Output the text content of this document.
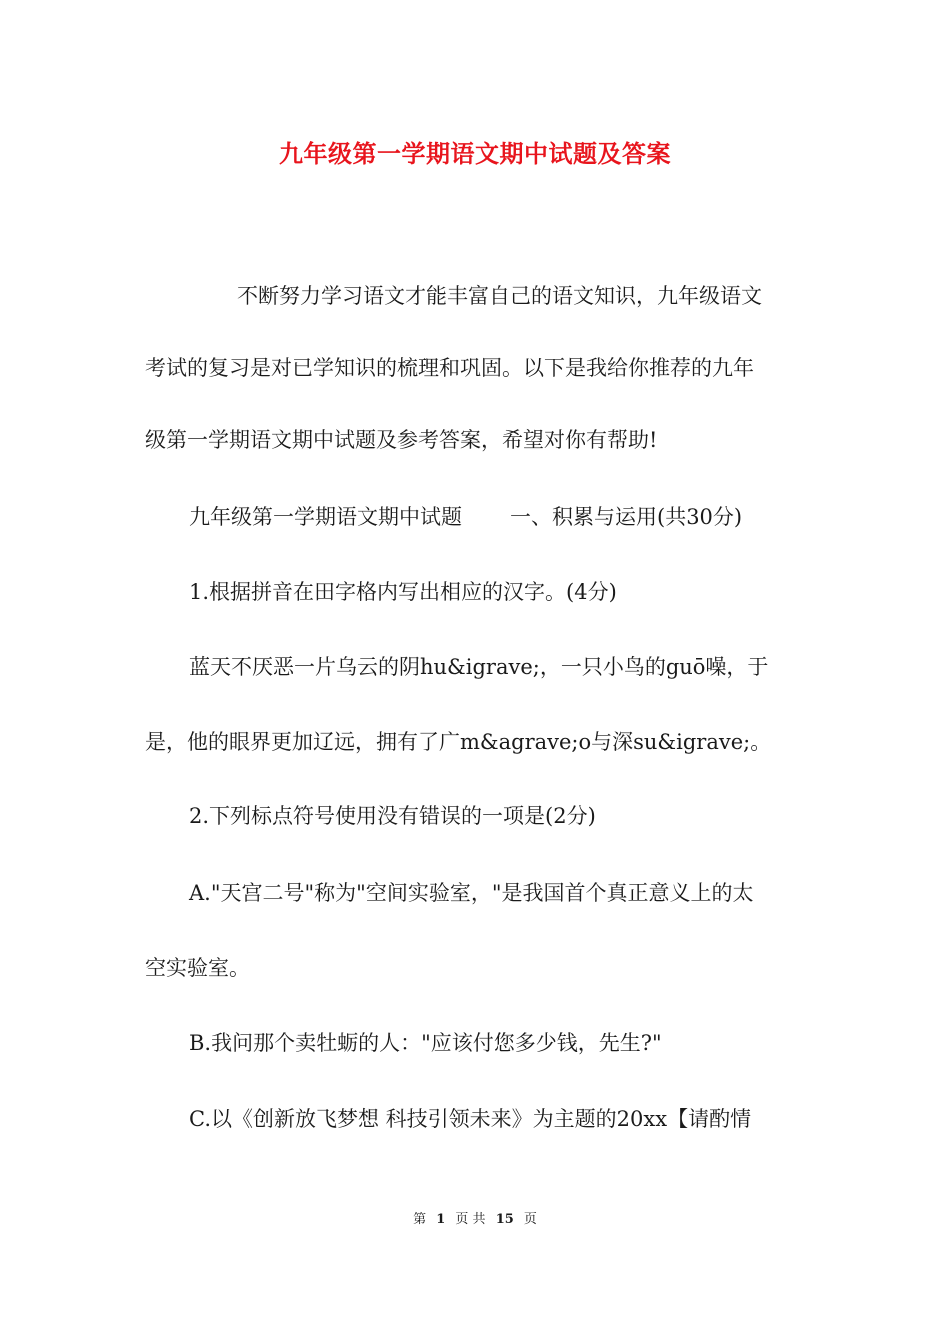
九年级第一学期语文期中试题及答案
不断努力学习语文才能丰富自己的语文知识，九年级语文
考试的复习是对已学知识的梳理和巩固。以下是我给你推荐的九年
级第一学期语文期中试题及参考答案，希望对你有帮助!
九年级第一学期语文期中试题 一、积累与运用(共30分)
1.根据拼音在田字格内写出相应的汉字。(4分)
蓝天不厌恶一片乌云的阴hu&igrave;，一只小鸟的guō噪，于
是，他的眼界更加辽远，拥有了广m&agrave;o与深su&igrave;。
2.下列标点符号使用没有错误的一项是(2分)
A."天宫二号"称为"空间实验室，"是我国首个真正意义上的太
空实验室。
B.我问那个卖牡蛎的人："应该付您多少钱，先生?"
C.以《创新放飞梦想 科技引领未来》为主题的20xx【请酌情
第 1 页 共 15 页
